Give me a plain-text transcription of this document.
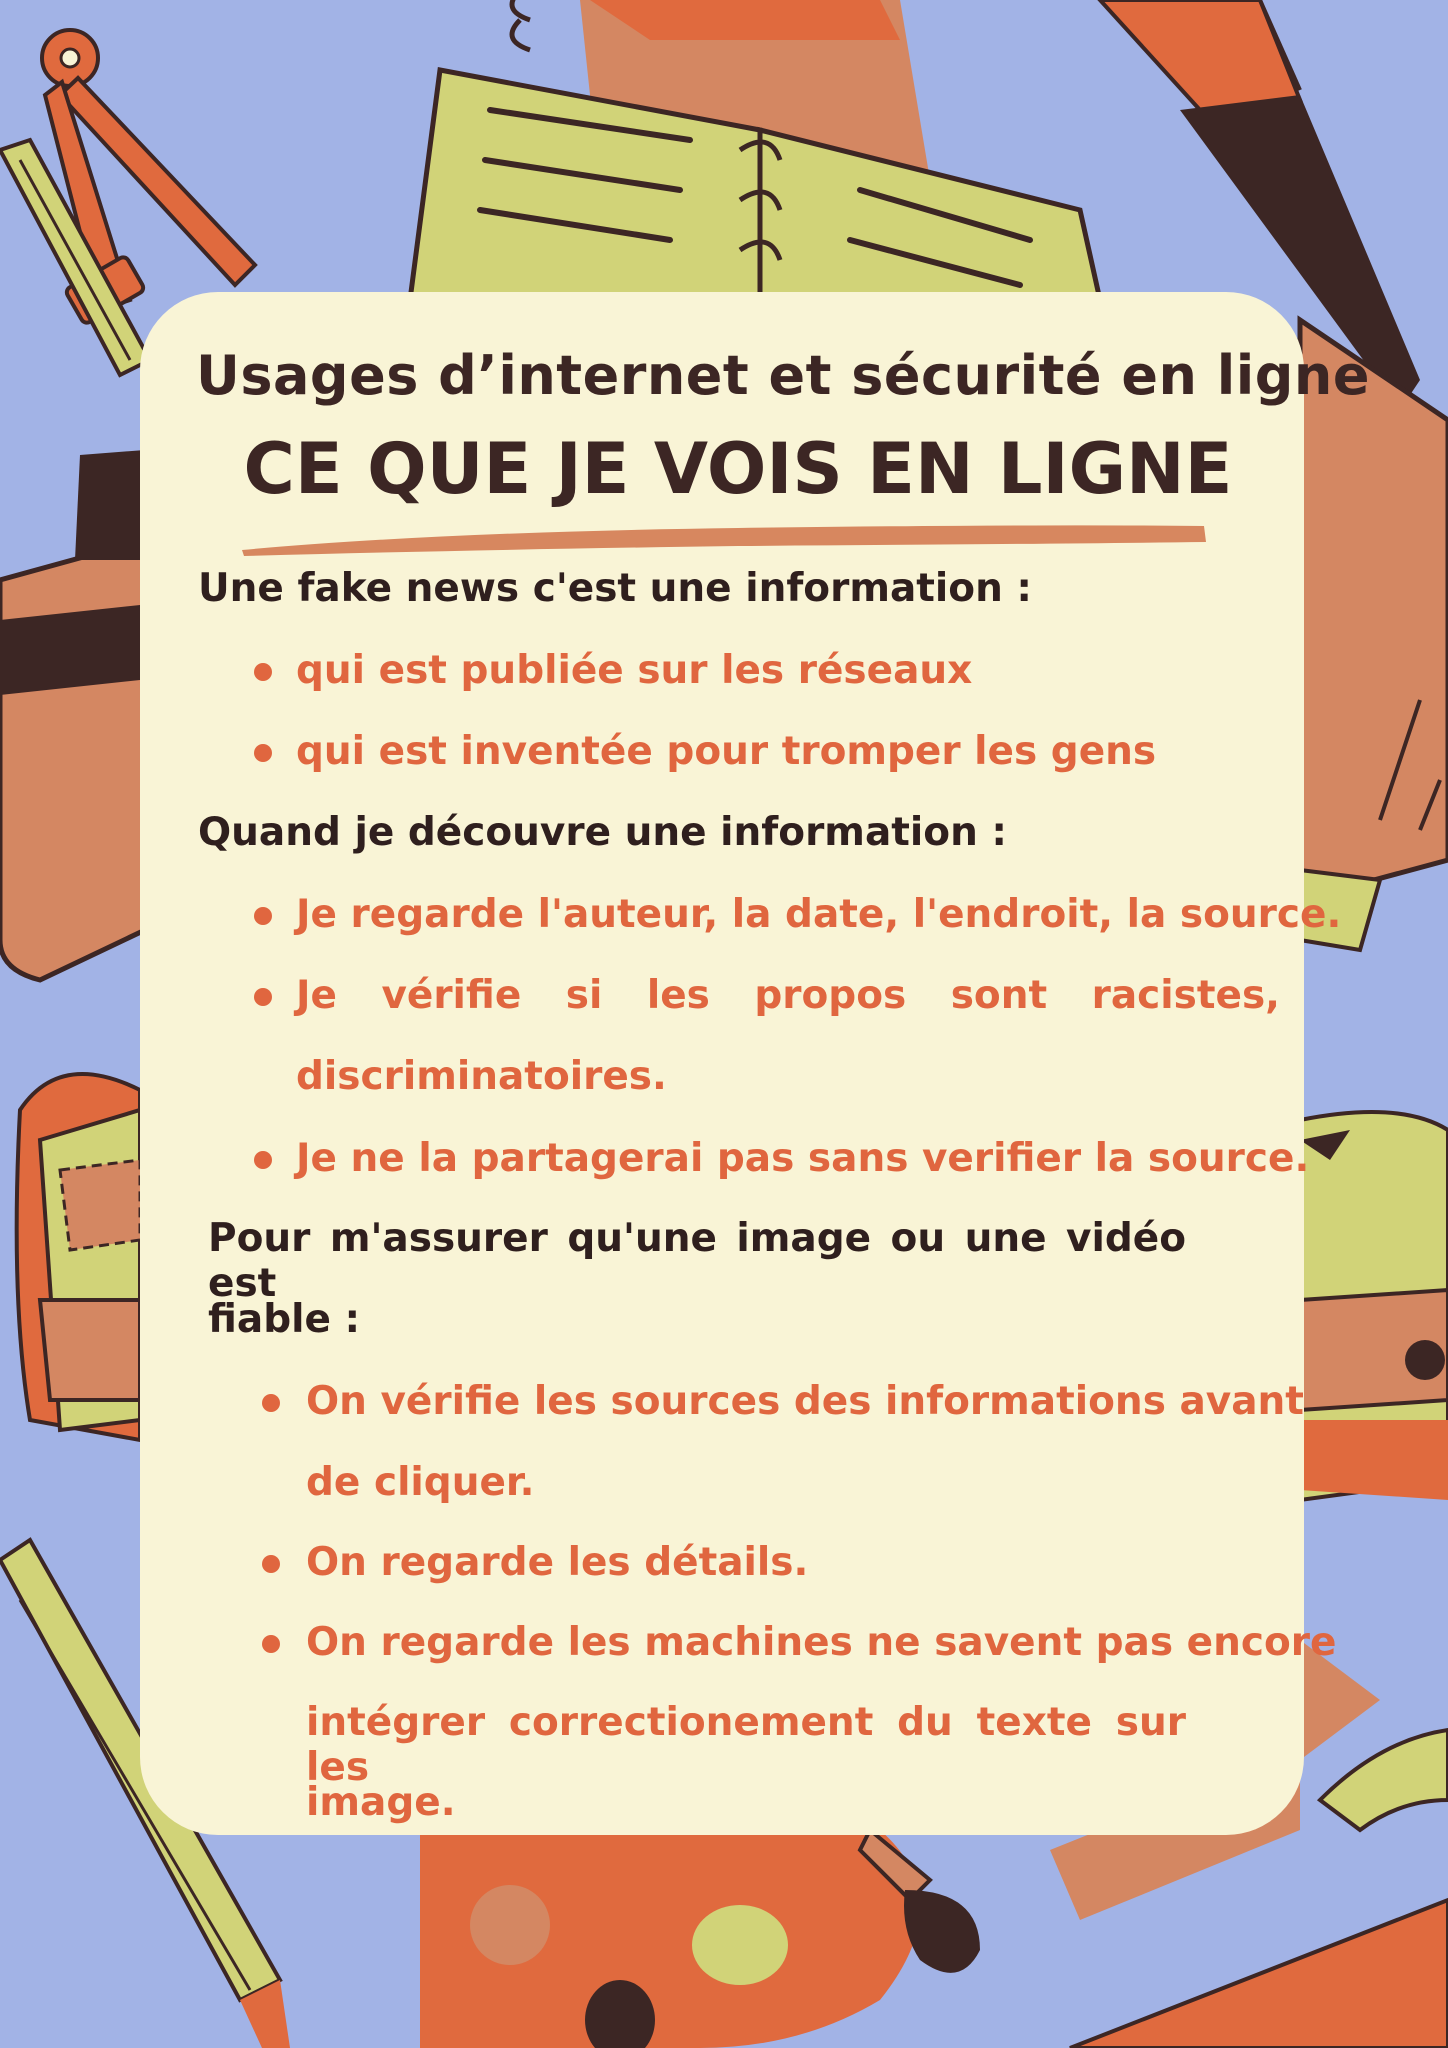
Usages d’internet et sécurité en ligne
CE QUE JE VOIS EN LIGNE

Une fake news c'est une information :

qui est publiée sur les réseaux

qui est inventée pour tromper les gens

Quand je découvre une information :

Je regarde l'auteur, la date, l'endroit, la source.

Je vérifie si les propos sont racistes,

discriminatoires.

Je ne la partagerai pas sans verifier la source.

Pour m'assurer qu'une image ou une vidéo est

fiable :

On vérifie les sources des informations avant

de cliquer.

On regarde les détails.

On regarde les machines ne savent pas encore

intégrer correctionement du texte sur les

image.
